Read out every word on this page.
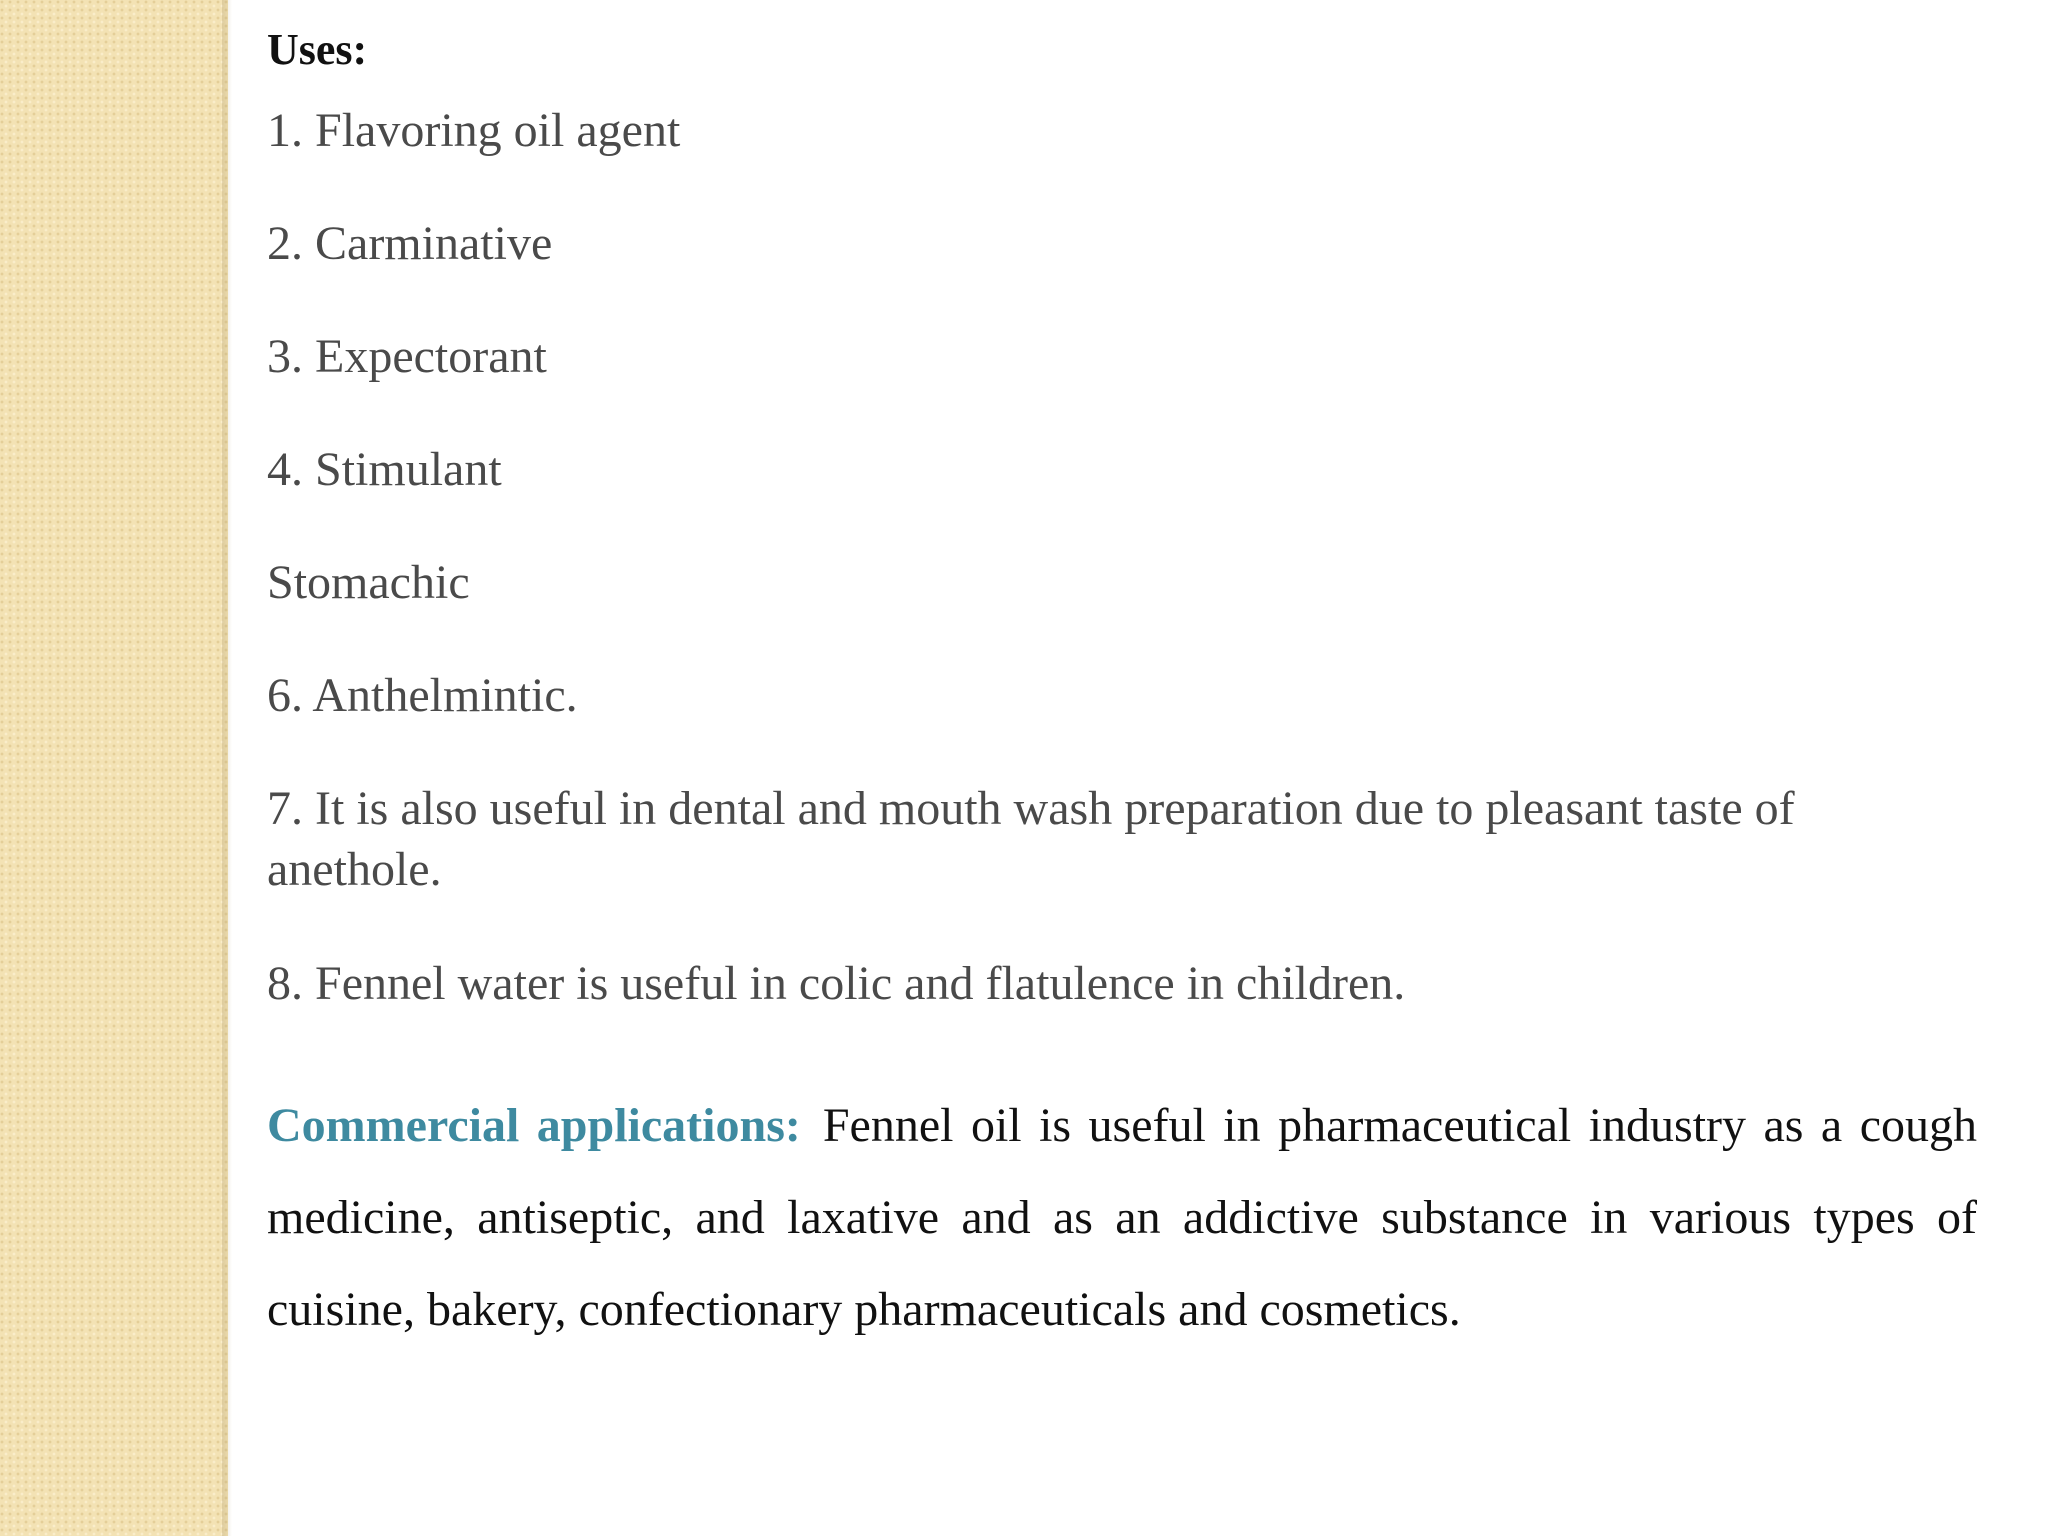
Uses:
1. Flavoring oil agent
2. Carminative
3. Expectorant
4. Stimulant
Stomachic
6. Anthelmintic.
7. It is also useful in dental and mouth wash preparation due to pleasant taste of anethole.
8. Fennel water is useful in colic and flatulence in children.
Commercial applications: Fennel oil is useful in pharmaceutical industry as a cough medicine, antiseptic, and laxative and as an addictive substance in various types of cuisine, bakery, confectionary pharmaceuticals and cosmetics.
